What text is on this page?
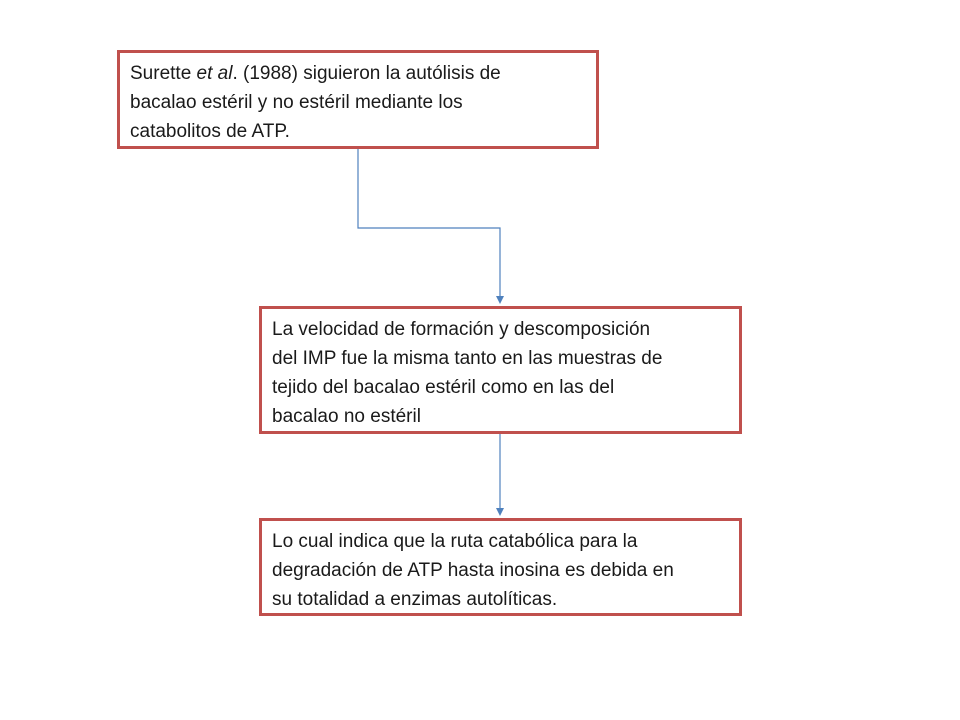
Surette et al. (1988) siguieron la autólisis de
bacalao estéril y no estéril mediante los
catabolitos de ATP.
La velocidad de formación y descomposición
del IMP fue la misma tanto en las muestras de
tejido del bacalao estéril como en las del
bacalao no estéril
Lo cual indica que la ruta catabólica para la
degradación de ATP hasta inosina es debida en
su totalidad a enzimas autolíticas.
